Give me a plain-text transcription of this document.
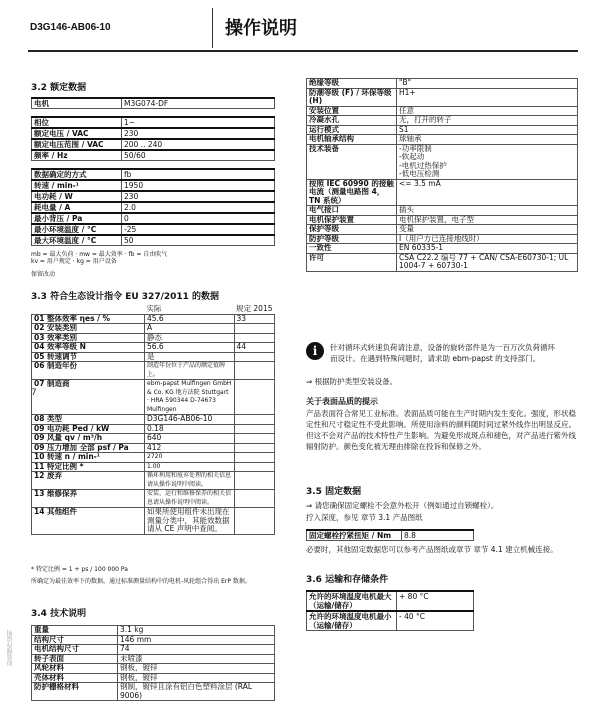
D3G146-AB06-10	操作说明
3.2 额定数据
电机	M3G074-DF
相位	1~
额定电压 / VAC	230
额定电压范围 / VAC	200 .. 240
频率 / Hz	50/60
数据确定的方式	fb
转速 / min-¹	1950
电功耗 / W	230
耗电量 / A	2.0
最小背压 / Pa	0
最小环境温度 / °C	-25
最大环境温度 / °C	50
mb = 最大负荷 · mw = 最大效率 · fb = 自由吹气
kv = 用户规定 · kg = 用户设备
保留改动
3.3 符合生态设计指令 EU 327/2011 的数据
	实际	规定 2015
01 整体效率 ηes / %	45.6	33
02 安装类别	A	
03 效率类别	静态	
04 效率等级 N	56.6	44
05 转速调节	是	
06 制造年份	制造年份位于产品的额定值牌上。	
07 制造商	ebm-papst Mulfingen GmbH & Co. KG 地方法院 Stuttgart · HRA 590344 D-74673 Mulfingen	
08 类型	D3G146-AB06-10	
09 电功耗 Ped / kW	0.18	
09 风量 qv / m³/h	640	
09 压力增加 全部 psf / Pa	412	
10 转速 n / min-¹	2720	
11 特定比例 *	1.00	
12 废弃	循环利用和废弃处理的相关信息请从操作说明中阅读。	
13 维修保养	安装、运行和维修保养的相关信息请从操作说明中阅读。	
14 其他组件	如果所使用组件未出现在测量分类中，其能效数据请从 CE 声明中查阅。	
7
* 特定比例 = 1 + ps / 100 000 Pa
所确定为最佳效率下的数据。通过标准测量结构中的电机-风轮组合得出 ErP 数据。
3.4 技术说明
重量	3.1 kg
结构尺寸	146 mm
电机结构尺寸	74
转子表面	未喷漆
风轮材料	钢板，镀锌
壳体材料	钢板，镀锌
防护栅格材料	钢制，镀锌且涂有铝白色塑料涂层 (RAL 9006)
绝缘等级	"B"
防潮等级 (F) / 环保等级 (H)	H1+
安装位置	任意
冷凝水孔	无，打开的转子
运行模式	S1
电机轴承结构	球轴承
技术装备	-功率限制
-软起动
-电机过热保护
-低电压检测
按照 IEC 60990 的接触电流（测量电路图 4，TN 系统）	<= 3.5 mA
电气接口	插头
电机保护装置	电机保护装置，电子型
保护等级	变量
防护等级	I（用户方已连接地线时）
一致性	EN 60335-1
许可	CSA C22.2 编号 77 + CAN/ CSA-E60730-1; UL 1004-7 + 60730-1
i	针对循环式转速负荷请注意，设备的旋转部件是为一百万次负荷循环而设计。在遇到特殊问题时，请求助 ebm-papst 的支持部门。
⇒ 根据防护类型安装设备。
关于表面品质的提示
产品表面符合常见工业标准。表面品质可能在生产时期内发生变化。强度，形状稳定性和尺寸稳定性不受此影响。所使用涂料的颜料随时间过紧外线作出明显反应。但这不会对产品的技术特性产生影响。为避免形成斑点和褪色，对产品进行紫外线辐射防护。颜色变化被无理由排除在投诉和保修之外。
3.5 固定数据
⇒ 请您确保固定螺栓不会意外松开（例如通过自锁螺栓）。
拧入深度，参见 章节 3.1 产品图纸
固定螺栓拧紧扭矩 / Nm	8.8
必要时，其他固定数据您可以参考产品图纸或章节 章节 4.1 建立机械连接。
3.6 运输和存储条件
允许的环境温度电机最大（运输/储存）	+ 80 °C
允许的环境温度电机最小（运输/储存）	- 40 °C
原装操作说明
